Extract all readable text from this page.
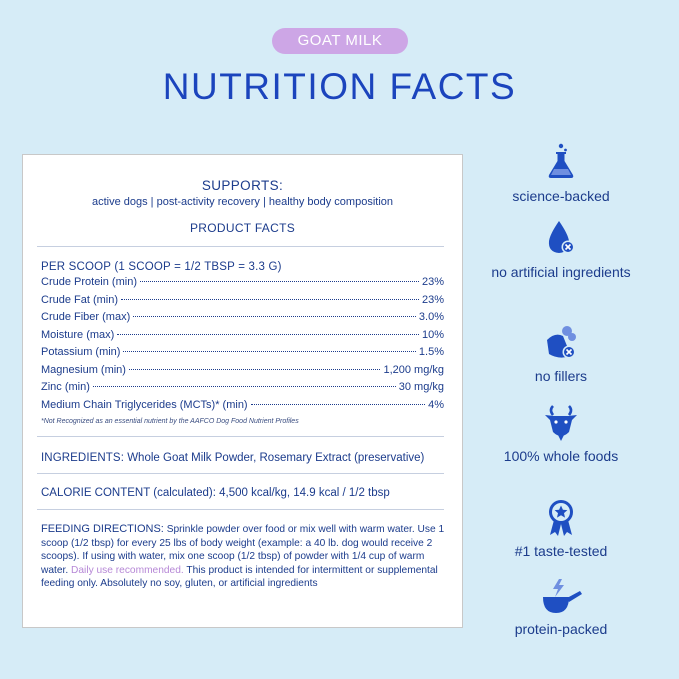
GOAT MILK
NUTRITION FACTS
SUPPORTS:
active dogs | post-activity recovery | healthy body composition
PRODUCT FACTS
PER SCOOP (1 SCOOP = 1/2 TBSP = 3.3 G)
Crude Protein (min)	23%
Crude Fat (min)	23%
Crude Fiber (max)	3.0%
Moisture (max)	10%
Potassium (min)	1.5%
Magnesium (min)	1,200 mg/kg
Zinc (min)	30 mg/kg
Medium Chain Triglycerides (MCTs)* (min)	4%
*Not Recognized as an essential nutrient by the AAFCO Dog Food Nutrient Profiles
INGREDIENTS: Whole Goat Milk Powder, Rosemary Extract (preservative)
CALORIE CONTENT (calculated): 4,500 kcal/kg, 14.9 kcal / 1/2 tbsp
FEEDING DIRECTIONS: Sprinkle powder over food or mix well with warm water. Use 1 scoop (1/2 tbsp) for every 25 lbs of body weight (example: a 40 lb. dog would receive 2 scoops). If using with water, mix one scoop (1/2 tbsp) of powder with 1/4 cup of warm water. Daily use recommended. This product is intended for intermittent or supplemental feeding only. Absolutely no soy, gluten, or artificial ingredients
science-backed
no artificial ingredients
no fillers
100% whole foods
#1 taste-tested
protein-packed
